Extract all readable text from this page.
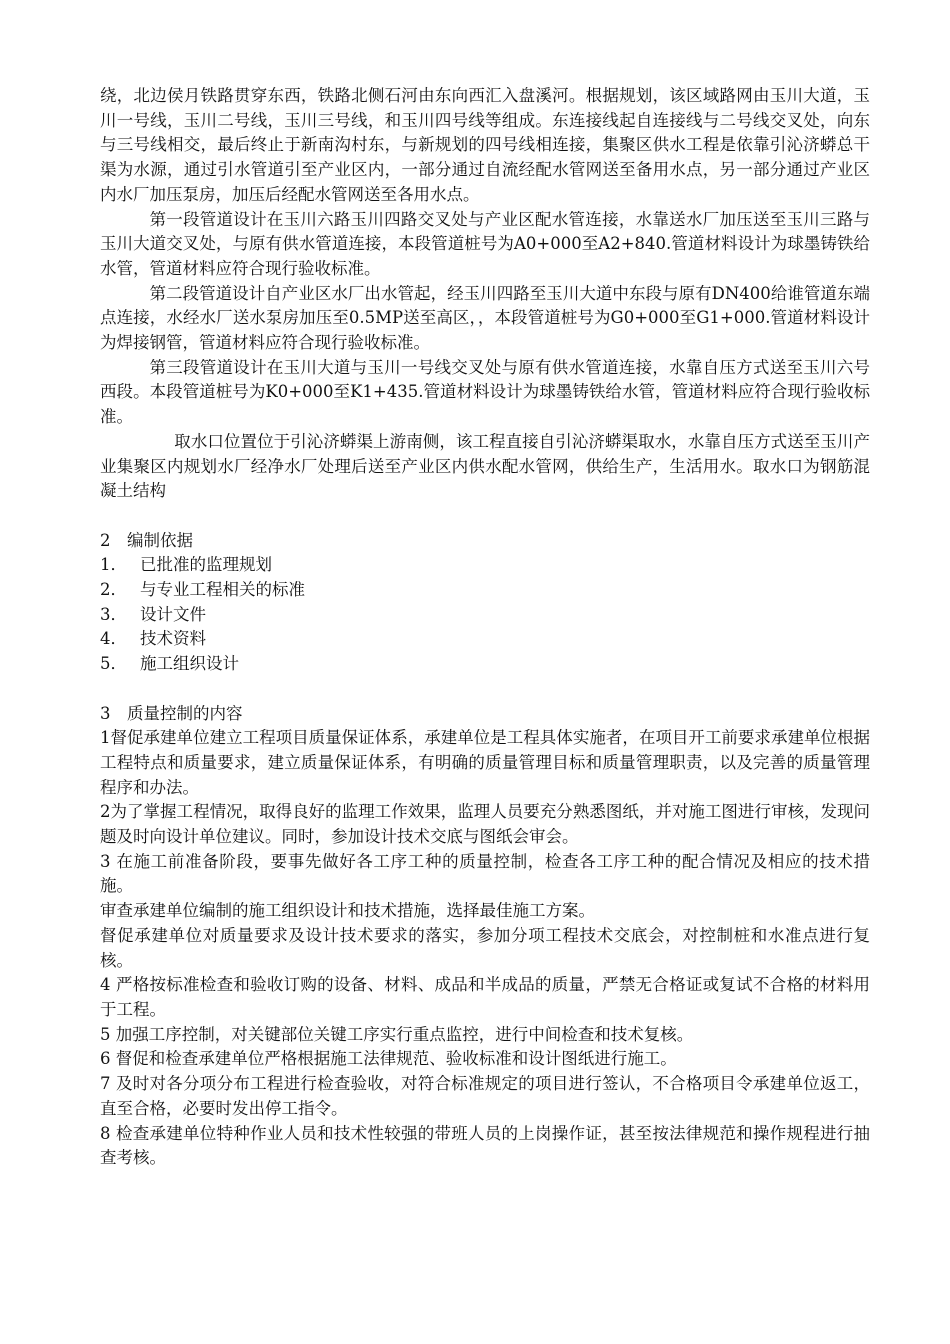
绕，北边侯月铁路贯穿东西，铁路北侧石河由东向西汇入盘溪河。根据规划，该区域路网由玉川大道，玉川一号线，玉川二号线，玉川三号线，和玉川四号线等组成。东连接线起自连接线与二号线交叉处，向东与三号线相交，最后终止于新南沟村东，与新规划的四号线相连接，集聚区供水工程是依靠引沁济蟒总干渠为水源，通过引水管道引至产业区内，一部分通过自流经配水管网送至备用水点，另一部分通过产业区内水厂加压泵房，加压后经配水管网送至各用水点。

第一段管道设计在玉川六路玉川四路交叉处与产业区配水管连接，水靠送水厂加压送至玉川三路与玉川大道交叉处，与原有供水管道连接，本段管道桩号为A0+000至A2+840.管道材料设计为球墨铸铁给水管，管道材料应符合现行验收标准。

第二段管道设计自产业区水厂出水管起，经玉川四路至玉川大道中东段与原有DN400给谁管道东端点连接，水经水厂送水泵房加压至0.5MP送至高区，，本段管道桩号为G0+000至G1+000.管道材料设计为焊接钢管，管道材料应符合现行验收标准。

第三段管道设计在玉川大道与玉川一号线交叉处与原有供水管道连接，水靠自压方式送至玉川六号西段。本段管道桩号为K0+000至K1+435.管道材料设计为球墨铸铁给水管，管道材料应符合现行验收标准。

取水口位置位于引沁济蟒渠上游南侧，该工程直接自引沁济蟒渠取水，水靠自压方式送至玉川产业集聚区内规划水厂经净水厂处理后送至产业区内供水配水管网，供给生产，生活用水。取水口为钢筋混凝土结构

2　编制依据

1． 已批准的监理规划
2． 与专业工程相关的标准
3． 设计文件
4． 技术资料
5． 施工组织设计

3　质量控制的内容

1督促承建单位建立工程项目质量保证体系，承建单位是工程具体实施者，在项目开工前要求承建单位根据工程特点和质量要求，建立质量保证体系，有明确的质量管理目标和质量管理职责，以及完善的质量管理程序和办法。

2为了掌握工程情况，取得良好的监理工作效果，监理人员要充分熟悉图纸，并对施工图进行审核，发现问题及时向设计单位建议。同时，参加设计技术交底与图纸会审会。

3 在施工前准备阶段，要事先做好各工序工种的质量控制，检查各工序工种的配合情况及相应的技术措施。

审查承建单位编制的施工组织设计和技术措施，选择最佳施工方案。

督促承建单位对质量要求及设计技术要求的落实，参加分项工程技术交底会，对控制桩和水准点进行复核。

4 严格按标准检查和验收订购的设备、材料、成品和半成品的质量，严禁无合格证或复试不合格的材料用于工程。

5 加强工序控制，对关键部位关键工序实行重点监控，进行中间检查和技术复核。

6 督促和检查承建单位严格根据施工法律规范、验收标准和设计图纸进行施工。

7 及时对各分项分布工程进行检查验收，对符合标准规定的项目进行签认，不合格项目令承建单位返工，直至合格，必要时发出停工指令。

8 检查承建单位特种作业人员和技术性较强的带班人员的上岗操作证，甚至按法律规范和操作规程进行抽查考核。
